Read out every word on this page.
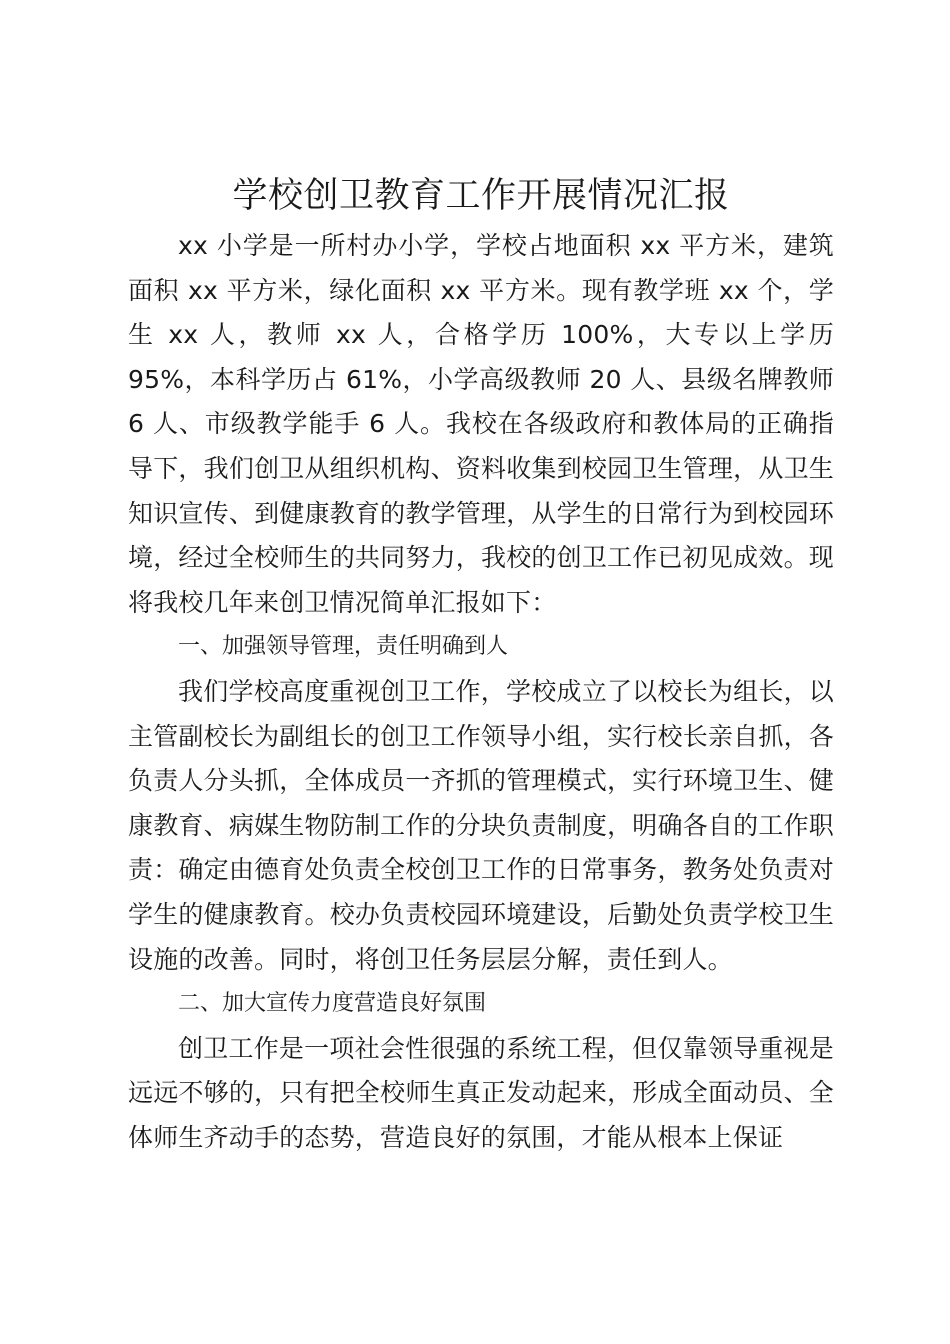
学校创卫教育工作开展情况汇报

xx 小学是一所村办小学，学校占地面积 xx 平方米，建筑面积 xx 平方米，绿化面积 xx 平方米。现有教学班 xx 个，学生 xx 人，教师 xx 人，合格学历 100%，大专以上学历 95%，本科学历占 61%，小学高级教师 20 人、县级名牌教师 6 人、市级教学能手 6 人。我校在各级政府和教体局的正确指导下，我们创卫从组织机构、资料收集到校园卫生管理，从卫生知识宣传、到健康教育的教学管理，从学生的日常行为到校园环境，经过全校师生的共同努力，我校的创卫工作已初见成效。现将我校几年来创卫情况简单汇报如下：

一、加强领导管理，责任明确到人

我们学校高度重视创卫工作，学校成立了以校长为组长，以主管副校长为副组长的创卫工作领导小组，实行校长亲自抓，各负责人分头抓，全体成员一齐抓的管理模式，实行环境卫生、健康教育、病媒生物防制工作的分块负责制度，明确各自的工作职责：确定由德育处负责全校创卫工作的日常事务，教务处负责对学生的健康教育。校办负责校园环境建设，后勤处负责学校卫生设施的改善。同时，将创卫任务层层分解，责任到人。

二、加大宣传力度营造良好氛围

创卫工作是一项社会性很强的系统工程，但仅靠领导重视是远远不够的，只有把全校师生真正发动起来，形成全面动员、全体师生齐动手的态势，营造良好的氛围，才能从根本上保证
